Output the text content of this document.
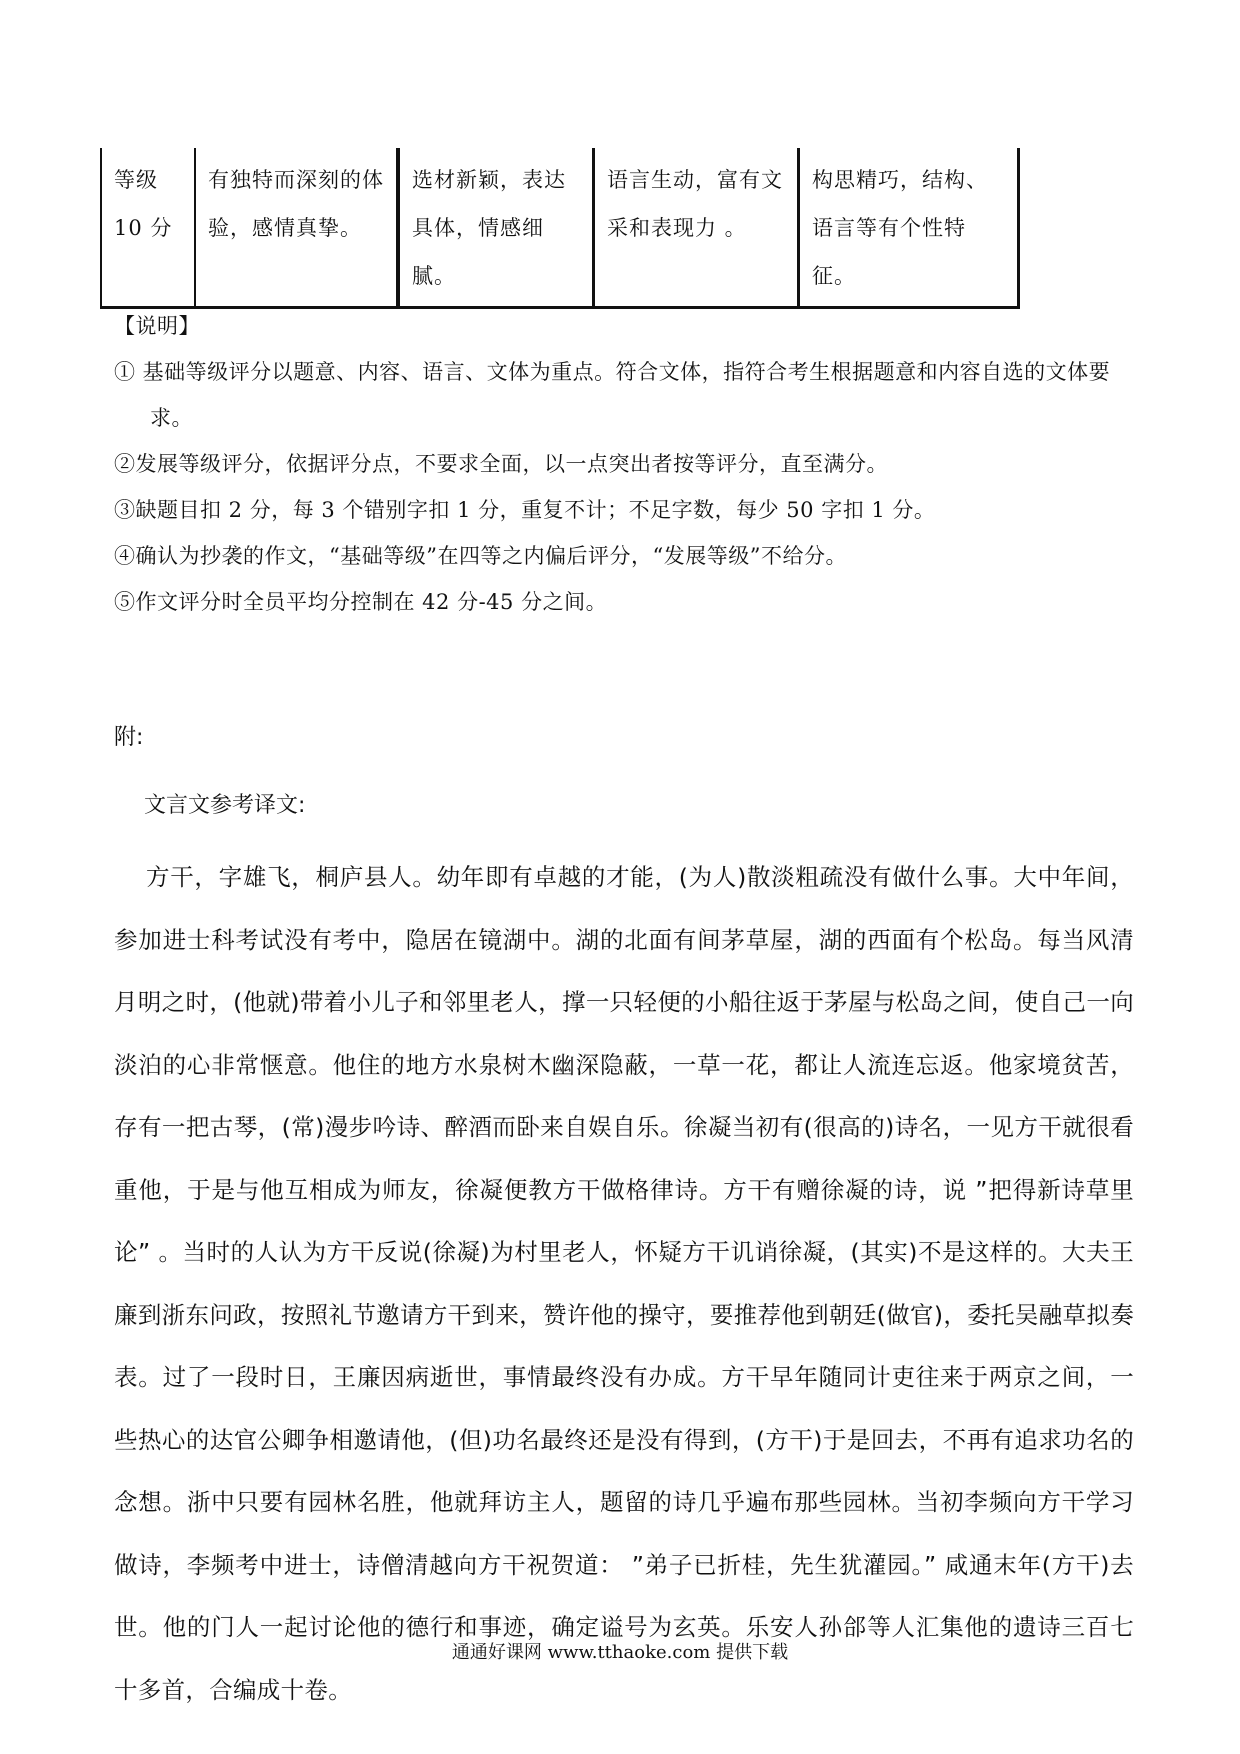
等级10 分	有独特而深刻的体验，感情真挚。	选材新颖，表达具体，情感细腻。	语言生动，富有文采和表现力 。	构思精巧，结构、语言等有个性特征。

【说明】

① 基础等级评分以题意、内容、语言、文体为重点。符合文体，指符合考生根据题意和内容自选的文体要求。

②发展等级评分，依据评分点，不要求全面，以一点突出者按等评分，直至满分。

③缺题目扣 2 分，每 3 个错别字扣 1 分，重复不计；不足字数，每少 50 字扣 1 分。

④确认为抄袭的作文，“基础等级”在四等之内偏后评分，“发展等级”不给分。

⑤作文评分时全员平均分控制在 42 分-45 分之间。

附:

文言文参考译文:

方干，字雄飞，桐庐县人。幼年即有卓越的才能，(为人)散淡粗疏没有做什么事。大中年间，参加进士科考试没有考中，隐居在镜湖中。湖的北面有间茅草屋，湖的西面有个松岛。每当风清月明之时，(他就)带着小儿子和邻里老人，撑一只轻便的小船往返于茅屋与松岛之间，使自己一向淡泊的心非常惬意。他住的地方水泉树木幽深隐蔽，一草一花，都让人流连忘返。他家境贫苦，存有一把古琴，(常)漫步吟诗、醉酒而卧来自娱自乐。徐凝当初有(很高的)诗名，一见方干就很看重他，于是与他互相成为师友，徐凝便教方干做格律诗。方干有赠徐凝的诗，说 ”把得新诗草里论” 。当时的人认为方干反说(徐凝)为村里老人，怀疑方干讥诮徐凝，(其实)不是这样的。大夫王廉到浙东问政，按照礼节邀请方干到来，赞许他的操守，要推荐他到朝廷(做官)，委托吴融草拟奏表。过了一段时日，王廉因病逝世，事情最终没有办成。方干早年随同计吏往来于两京之间，一些热心的达官公卿争相邀请他，(但)功名最终还是没有得到，(方干)于是回去，不再有追求功名的念想。浙中只要有园林名胜，他就拜访主人，题留的诗几乎遍布那些园林。当初李频向方干学习做诗，李频考中进士，诗僧清越向方干祝贺道： ”弟子已折桂，先生犹灌园。” 咸通末年(方干)去世。他的门人一起讨论他的德行和事迹，确定谥号为玄英。乐安人孙郃等人汇集他的遗诗三百七十多首，合编成十卷。

通通好课网 www.tthaoke.com 提供下载
